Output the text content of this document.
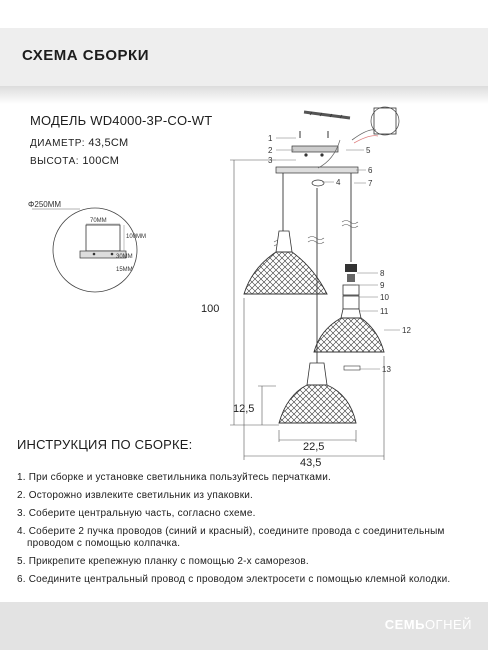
СХЕМА СБОРКИ
МОДЕЛЬ WD4000-3P-CO-WT
ДИАМЕТР: 43,5СМ
ВЫСОТА: 100СМ
Φ250MM
70MM
100MM
30MM
15MM
1
2
3
4
5
6
7
8
9
10
11
12
13
100
12,5
22,5
43,5
ИНСТРУКЦИЯ ПО СБОРКЕ:
1. При сборке и установке светильника пользуйтесь перчатками.
2. Осторожно извлеките светильник из упаковки.
3. Соберите центральную часть, согласно схеме.
4. Соберите 2 пучка проводов (синий и красный), соедините провода с соединительным
проводом с помощью колпачка.
5. Прикрепите крепежную планку с помощью 2-х саморезов.
6. Соедините центральный провод с проводом электросети с помощью клемной колодки.
СЕМЬОГНЕЙ
